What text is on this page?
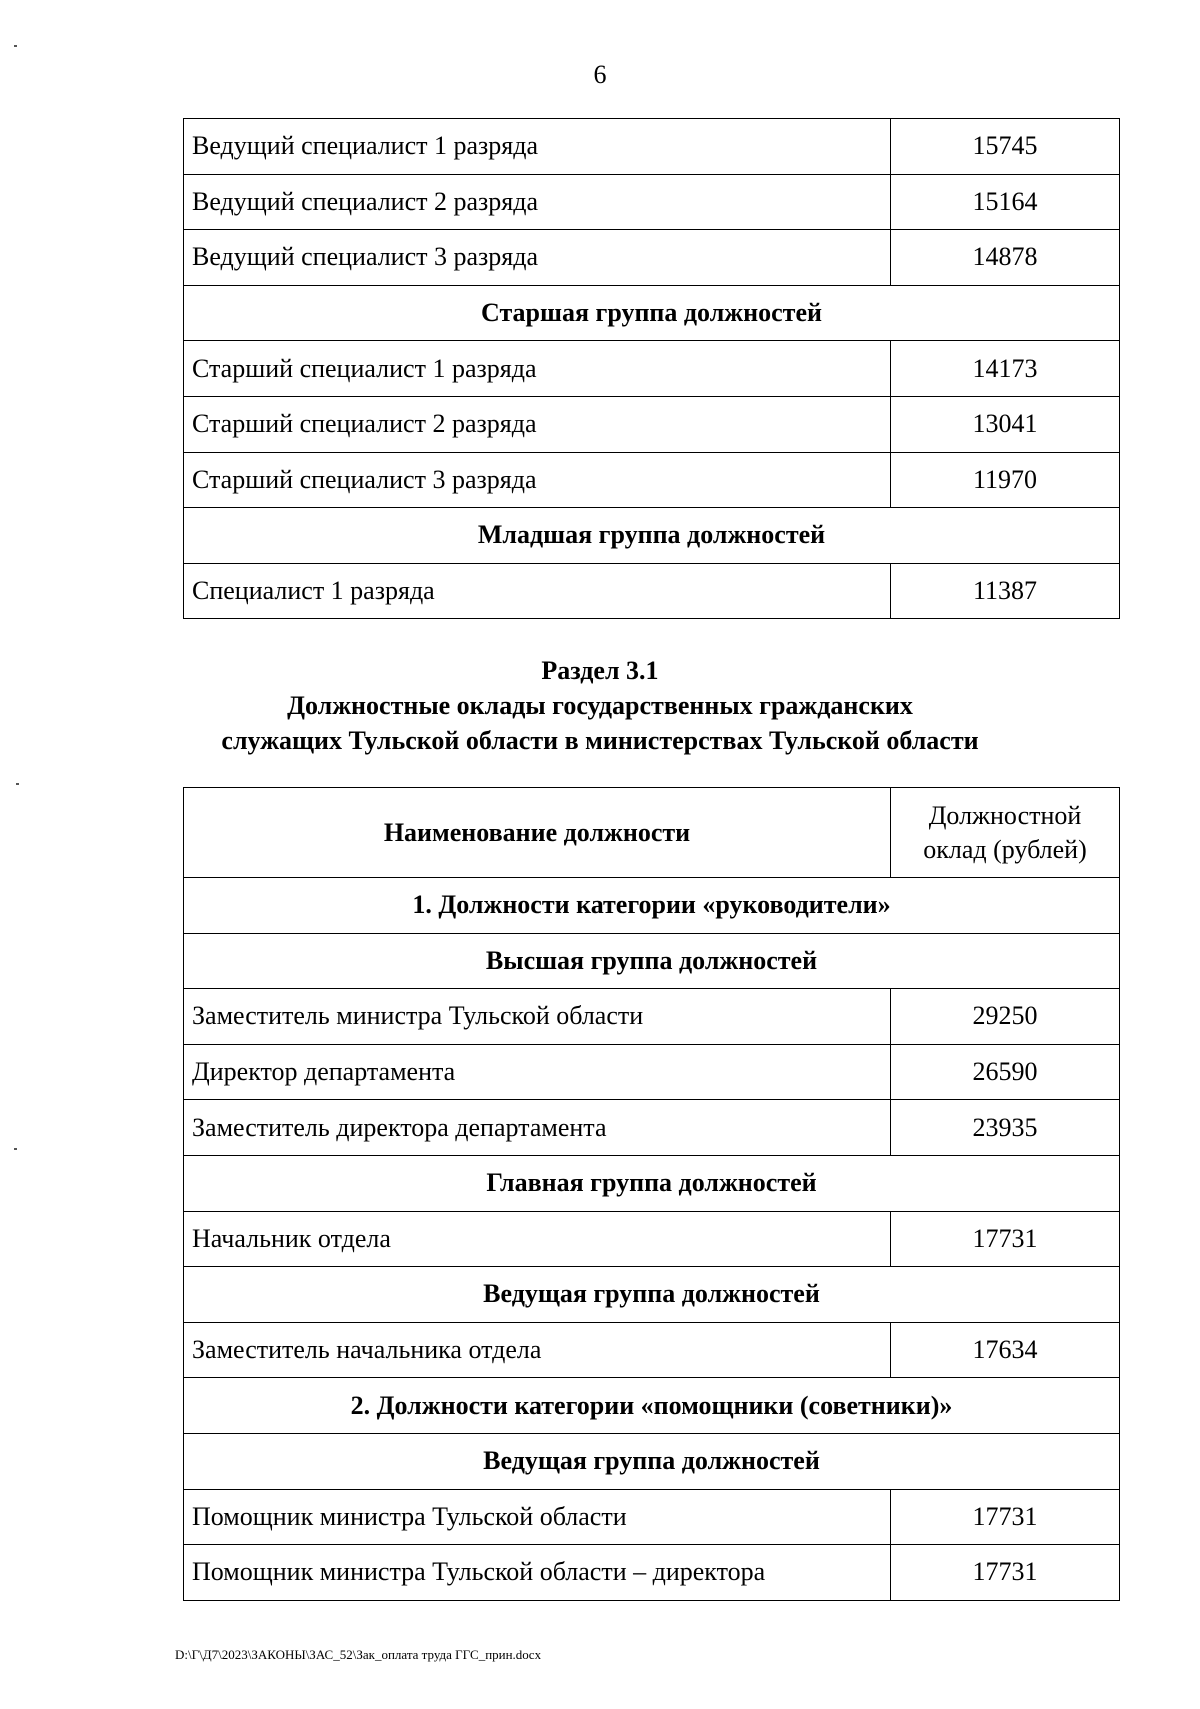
6
Ведущий специалист 1 разряда	15745
Ведущий специалист 2 разряда	15164
Ведущий специалист 3 разряда	14878
Старшая группа должностей	
Старший специалист 1 разряда	14173
Старший специалист 2 разряда	13041
Старший специалист 3 разряда	11970
Младшая группа должностей	
Специалист 1 разряда	11387
Раздел 3.1
Должностные оклады государственных гражданских
служащих Тульской области в министерствах Тульской области
Наименование должности	Должностной
оклад (рублей)

1. Должности категории «руководители»	
Высшая группа должностей	
Заместитель министра Тульской области	29250
Директор департамента	26590
Заместитель директора департамента	23935
Главная группа должностей	
Начальник отдела	17731
Ведущая группа должностей	
Заместитель начальника отдела	17634
2. Должности категории «помощники (советники)»	
Ведущая группа должностей	
Помощник министра Тульской области	17731
Помощник министра Тульской области – директора	17731
D:\Г\Д7\2023\ЗАКОНЫ\ЗАС_52\Зак_оплата труда ГГС_прин.docx
